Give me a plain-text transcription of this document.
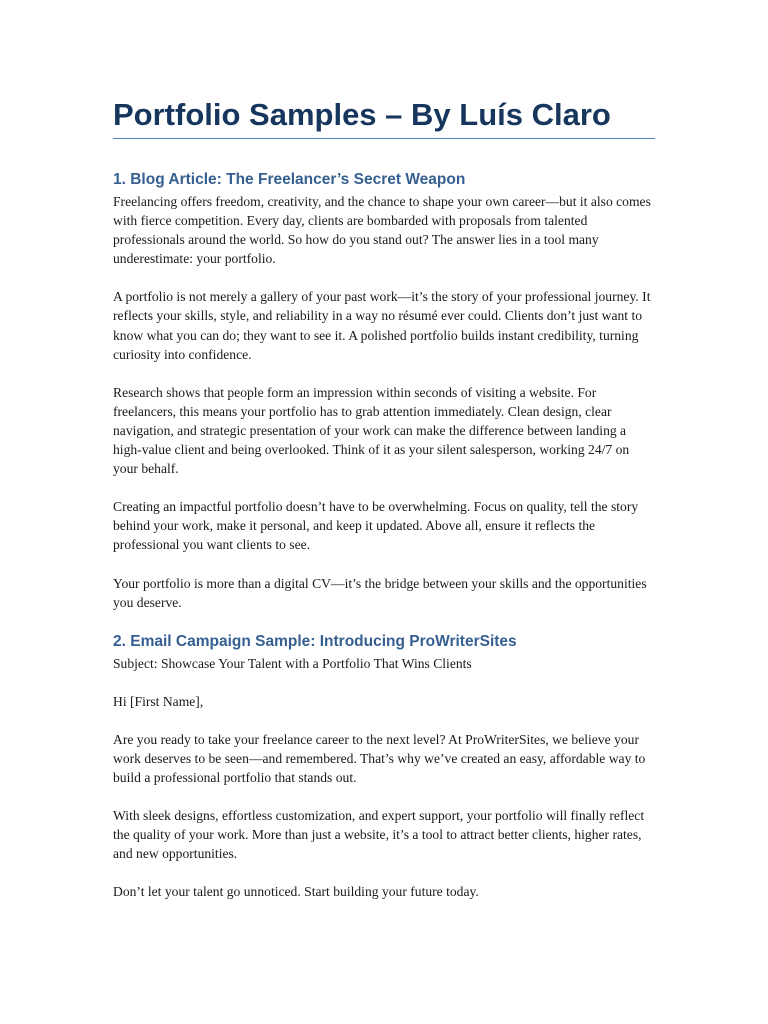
Portfolio Samples – By Luís Claro
1. Blog Article: The Freelancer’s Secret Weapon

Freelancing offers freedom, creativity, and the chance to shape your own career—but it also comes with fierce competition. Every day, clients are bombarded with proposals from talented professionals around the world. So how do you stand out? The answer lies in a tool many underestimate: your portfolio.

A portfolio is not merely a gallery of your past work—it’s the story of your professional journey. It reflects your skills, style, and reliability in a way no résumé ever could. Clients don’t just want to know what you can do; they want to see it. A polished portfolio builds instant credibility, turning curiosity into confidence.

Research shows that people form an impression within seconds of visiting a website. For freelancers, this means your portfolio has to grab attention immediately. Clean design, clear navigation, and strategic presentation of your work can make the difference between landing a high-value client and being overlooked. Think of it as your silent salesperson, working 24/7 on your behalf.

Creating an impactful portfolio doesn’t have to be overwhelming. Focus on quality, tell the story behind your work, make it personal, and keep it updated. Above all, ensure it reflects the professional you want clients to see.

Your portfolio is more than a digital CV—it’s the bridge between your skills and the opportunities you deserve.

2. Email Campaign Sample: Introducing ProWriterSites

Subject: Showcase Your Talent with a Portfolio That Wins Clients

Hi [First Name],

Are you ready to take your freelance career to the next level? At ProWriterSites, we believe your work deserves to be seen—and remembered. That’s why we’ve created an easy, affordable way to build a professional portfolio that stands out.

With sleek designs, effortless customization, and expert support, your portfolio will finally reflect the quality of your work. More than just a website, it’s a tool to attract better clients, higher rates, and new opportunities.

Don’t let your talent go unnoticed. Start building your future today.
